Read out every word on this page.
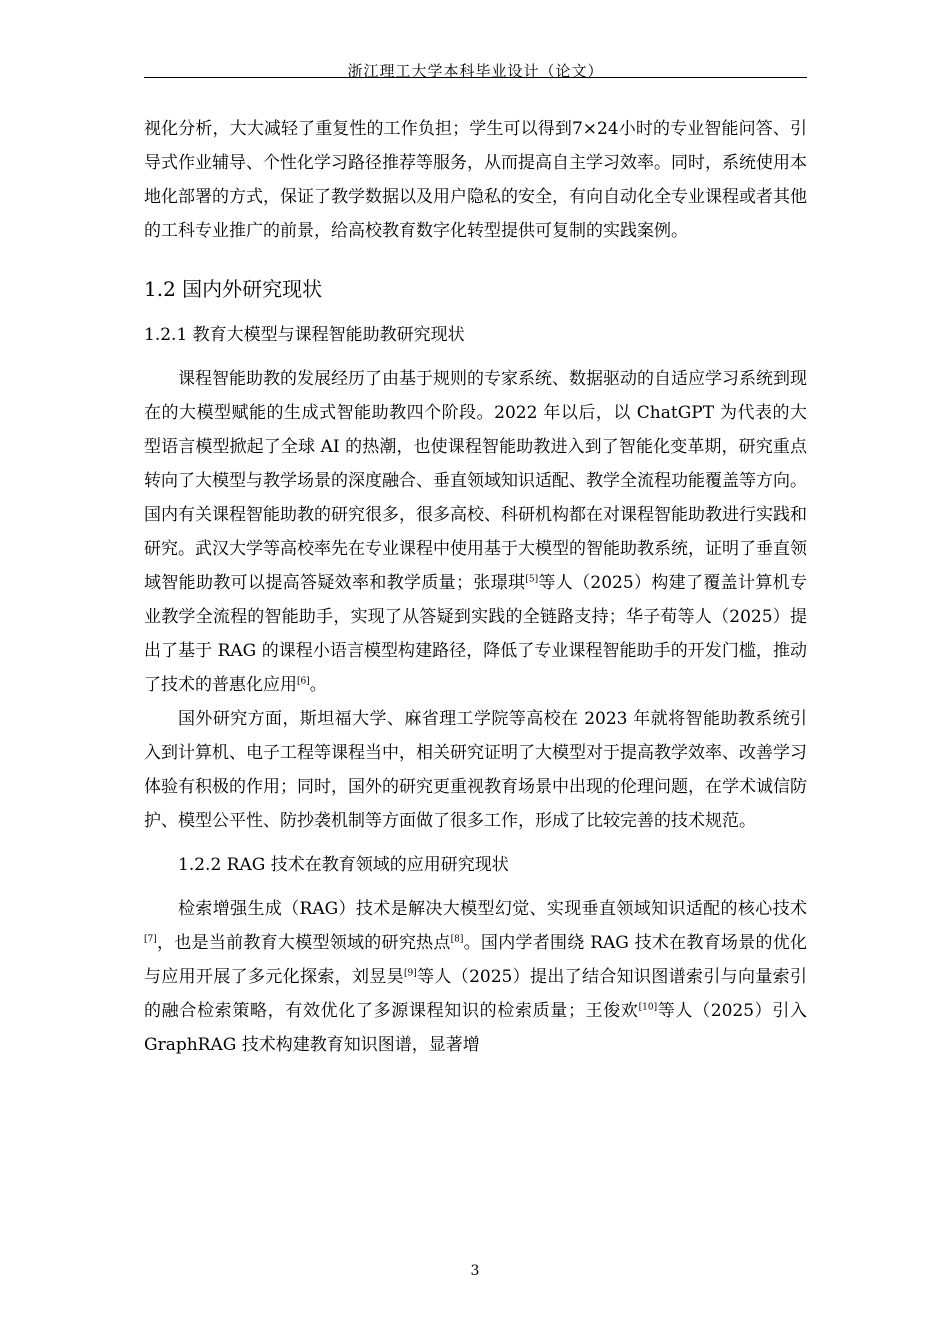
浙江理工大学本科毕业设计（论文）

视化分析，大大减轻了重复性的工作负担；学生可以得到7×24小时的专业智能问答、引导式作业辅导、个性化学习路径推荐等服务，从而提高自主学习效率。同时，系统使用本地化部署的方式，保证了教学数据以及用户隐私的安全，有向自动化全专业课程或者其他的工科专业推广的前景，给高校教育数字化转型提供可复制的实践案例。

1.2 国内外研究现状
1.2.1 教育大模型与课程智能助教研究现状

课程智能助教的发展经历了由基于规则的专家系统、数据驱动的自适应学习系统到现在的大模型赋能的生成式智能助教四个阶段。2022 年以后，以 ChatGPT 为代表的大型语言模型掀起了全球 AI 的热潮，也使课程智能助教进入到了智能化变革期，研究重点转向了大模型与教学场景的深度融合、垂直领域知识适配、教学全流程功能覆盖等方向。国内有关课程智能助教的研究很多，很多高校、科研机构都在对课程智能助教进行实践和研究。武汉大学等高校率先在专业课程中使用基于大模型的智能助教系统，证明了垂直领域智能助教可以提高答疑效率和教学质量；张璟琪[5]等人（2025）构建了覆盖计算机专业教学全流程的智能助手，实现了从答疑到实践的全链路支持；华子荀等人（2025）提出了基于 RAG 的课程小语言模型构建路径，降低了专业课程智能助手的开发门槛，推动了技术的普惠化应用[6]。

国外研究方面，斯坦福大学、麻省理工学院等高校在 2023 年就将智能助教系统引入到计算机、电子工程等课程当中，相关研究证明了大模型对于提高教学效率、改善学习体验有积极的作用；同时，国外的研究更重视教育场景中出现的伦理问题，在学术诚信防护、模型公平性、防抄袭机制等方面做了很多工作，形成了比较完善的技术规范。

1.2.2 RAG 技术在教育领域的应用研究现状

检索增强生成（RAG）技术是解决大模型幻觉、实现垂直领域知识适配的核心技术[7]，也是当前教育大模型领域的研究热点[8]。国内学者围绕 RAG 技术在教育场景的优化与应用开展了多元化探索，刘昱昊[9]等人（2025）提出了结合知识图谱索引与向量索引的融合检索策略，有效优化了多源课程知识的检索质量；王俊欢[10]等人（2025）引入 GraphRAG 技术构建教育知识图谱，显著增

3
